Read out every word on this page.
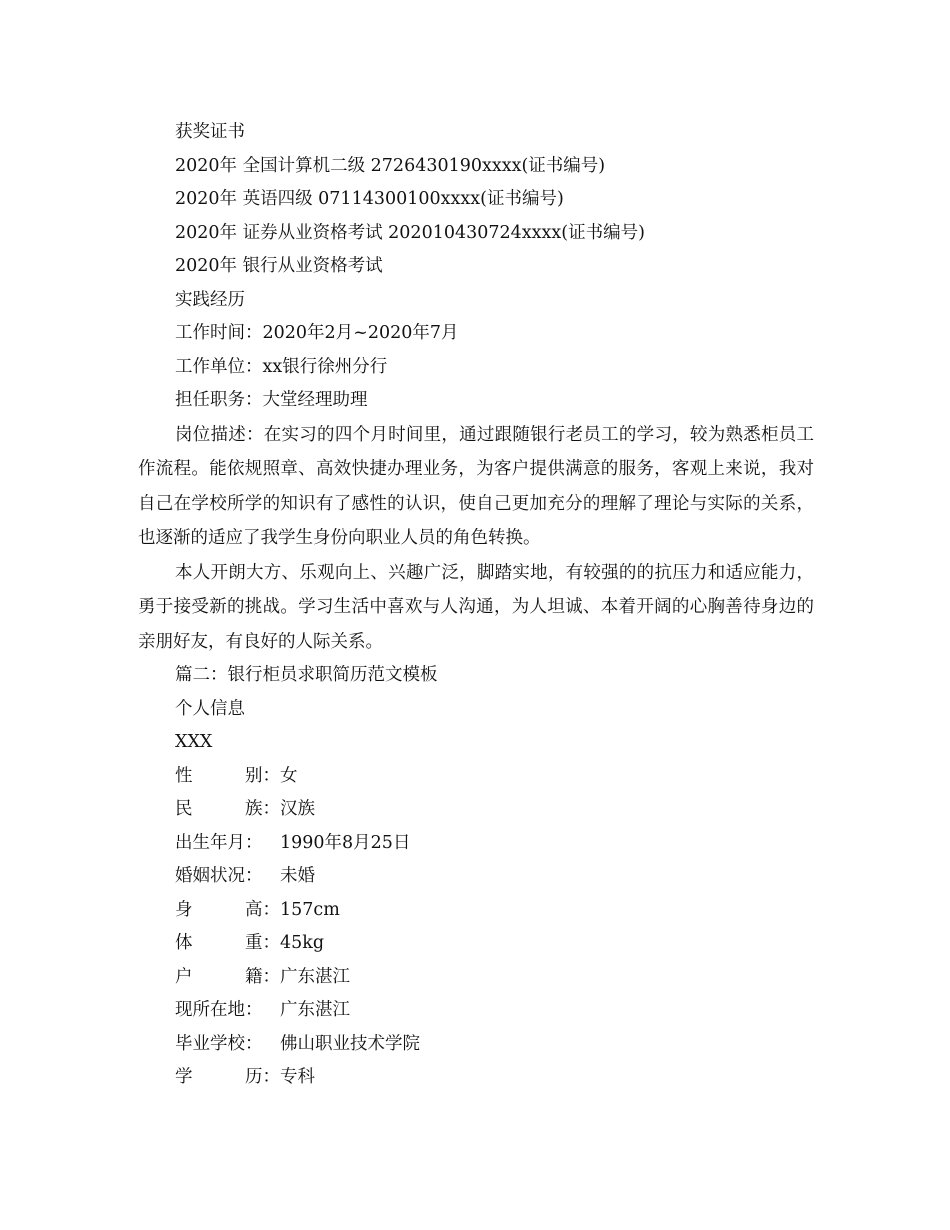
获奖证书
2020年 全国计算机二级 2726430190xxxx(证书编号)
2020年 英语四级 07114300100xxxx(证书编号)
2020年 证券从业资格考试 202010430724xxxx(证书编号)
2020年 银行从业资格考试
实践经历
工作时间：2020年2月~2020年7月
工作单位：xx银行徐州分行
担任职务：大堂经理助理

岗位描述：在实习的四个月时间里，通过跟随银行老员工的学习，较为熟悉柜员工作流程。能依规照章、高效快捷办理业务，为客户提供满意的服务，客观上来说，我对自己在学校所学的知识有了感性的认识，使自己更加充分的理解了理论与实际的关系，也逐渐的适应了我学生身份向职业人员的角色转换。

本人开朗大方、乐观向上、兴趣广泛，脚踏实地，有较强的的抗压力和适应能力，勇于接受新的挑战。学习生活中喜欢与人沟通，为人坦诚、本着开阔的心胸善待身边的亲朋好友，有良好的人际关系。

篇二：银行柜员求职简历范文模板
个人信息
XXX
性	别： 女
民	族： 汉族
出生年月： 1990年8月25日
婚姻状况： 未婚
身	高： 157cm
体	重： 45kg
户	籍： 广东湛江
现所在地： 广东湛江
毕业学校： 佛山职业技术学院
学	历： 专科
